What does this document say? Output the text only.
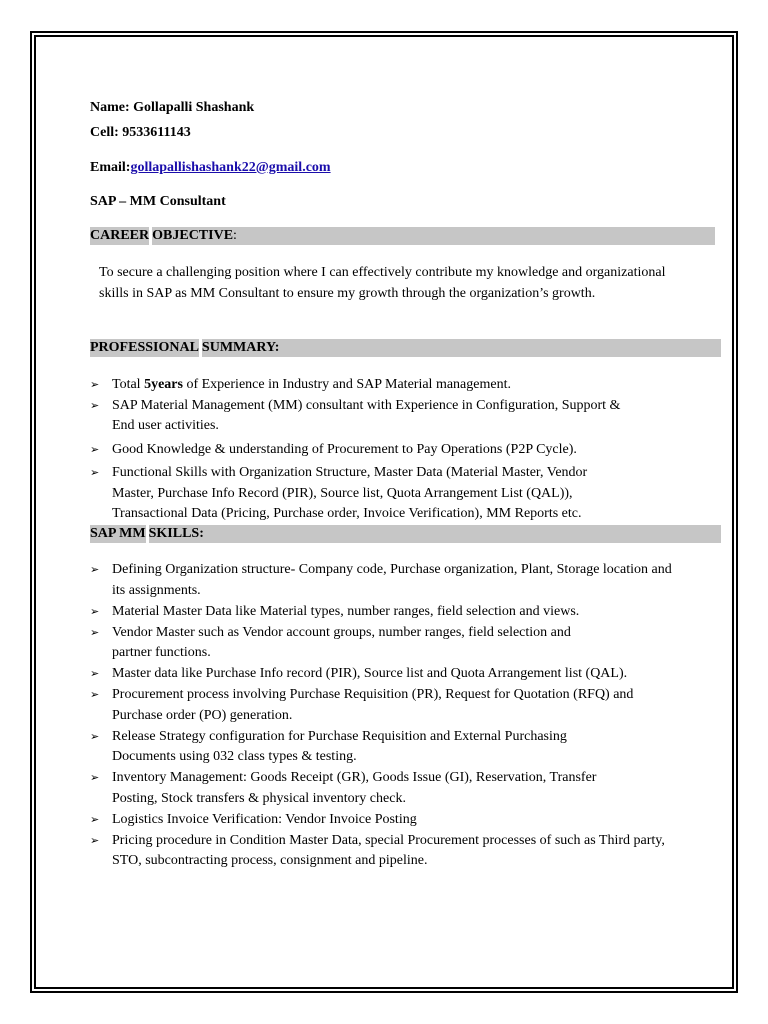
Name: Gollapalli Shashank
Cell: 9533611143
Email:gollapallishashank22@gmail.com
SAP – MM Consultant
CAREER OBJECTIVE:

To secure a challenging position where I can effectively contribute my knowledge and organizational skills in SAP as MM Consultant to ensure my growth through the organization’s growth.

PROFESSIONAL SUMMARY:
➢ Total 5years of Experience in Industry and SAP Material management.
➢ SAP Material Management (MM) consultant with Experience in Configuration, Support & End user activities.
➢ Good Knowledge & understanding of Procurement to Pay Operations (P2P Cycle).
➢ Functional Skills with Organization Structure, Master Data (Material Master, Vendor Master, Purchase Info Record (PIR), Source list, Quota Arrangement List (QAL)), Transactional Data (Pricing, Purchase order, Invoice Verification), MM Reports etc.
SAP MM SKILLS:
➢ Defining Organization structure- Company code, Purchase organization, Plant, Storage location and its assignments.
➢ Material Master Data like Material types, number ranges, field selection and views.
➢ Vendor Master such as Vendor account groups, number ranges, field selection and partner functions.
➢ Master data like Purchase Info record (PIR), Source list and Quota Arrangement list (QAL).
➢ Procurement process involving Purchase Requisition (PR), Request for Quotation (RFQ) and Purchase order (PO) generation.
➢ Release Strategy configuration for Purchase Requisition and External Purchasing Documents using 032 class types & testing.
➢ Inventory Management: Goods Receipt (GR), Goods Issue (GI), Reservation, Transfer Posting, Stock transfers & physical inventory check.
➢ Logistics Invoice Verification: Vendor Invoice Posting
➢ Pricing procedure in Condition Master Data, special Procurement processes of such as Third party, STO, subcontracting process, consignment and pipeline.
